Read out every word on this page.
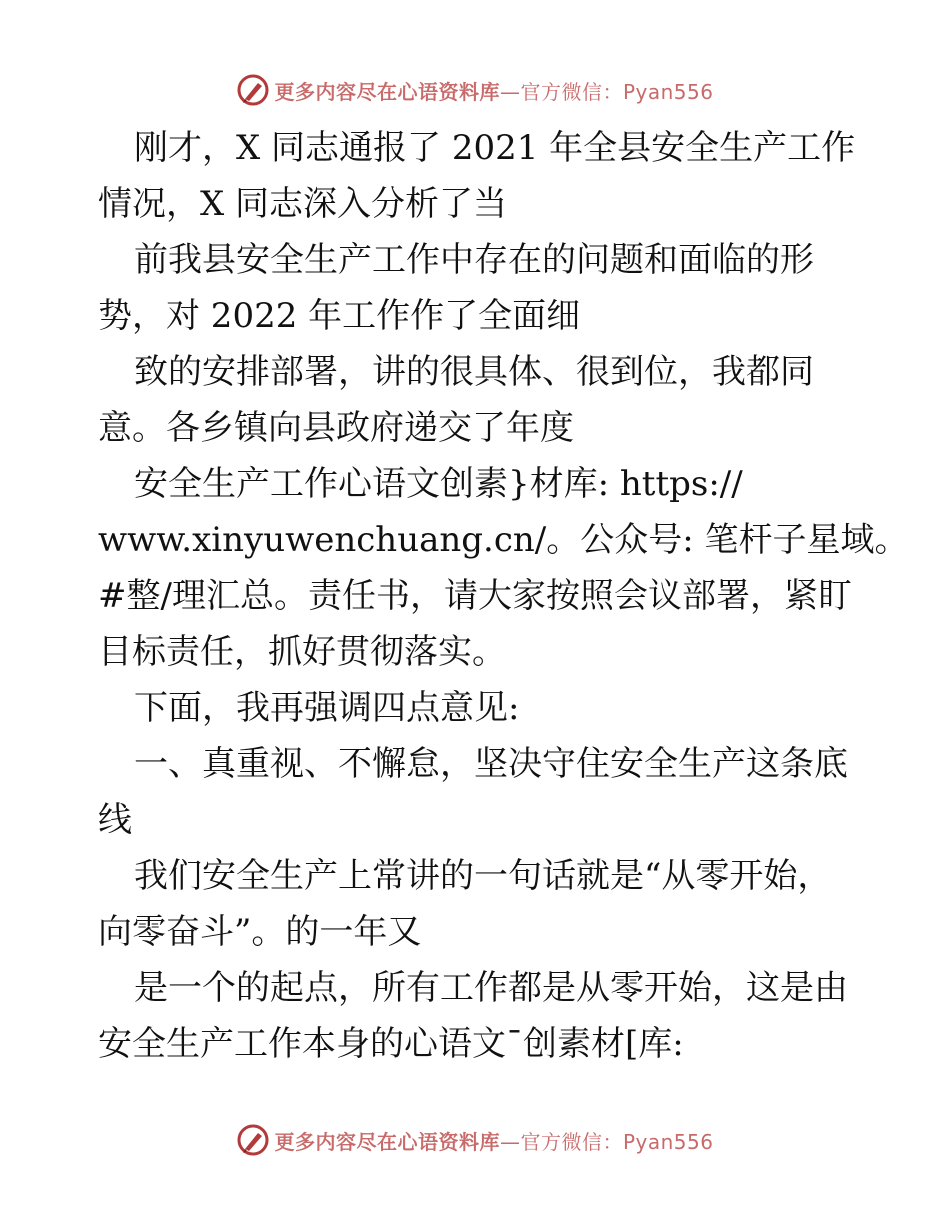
更多内容尽在心语资料库 —官方微信：Pyan556

刚才，X 同志通报了 2021 年全县安全生产工作

情况，X 同志深入分析了当

前我县安全生产工作中存在的问题和面临的形

势，对 2022 年工作作了全面细

致的安排部署，讲的很具体、很到位，我都同

意。各乡镇向县政府递交了年度

安全生产工作心语文创素}材库: https://

www.xinyuwenchuang.cn/。公众号: 笔杆子星域。

#整/理汇总。责任书，请大家按照会议部署，紧盯

目标责任，抓好贯彻落实。

下面，我再强调四点意见:

一、真重视、不懈怠，坚决守住安全生产这条底

线

我们安全生产上常讲的一句话就是“从零开始，

向零奋斗”。的一年又

是一个的起点，所有工作都是从零开始，这是由

安全生产工作本身的心语文¯创素材[库:

更多内容尽在心语资料库 —官方微信：Pyan556
